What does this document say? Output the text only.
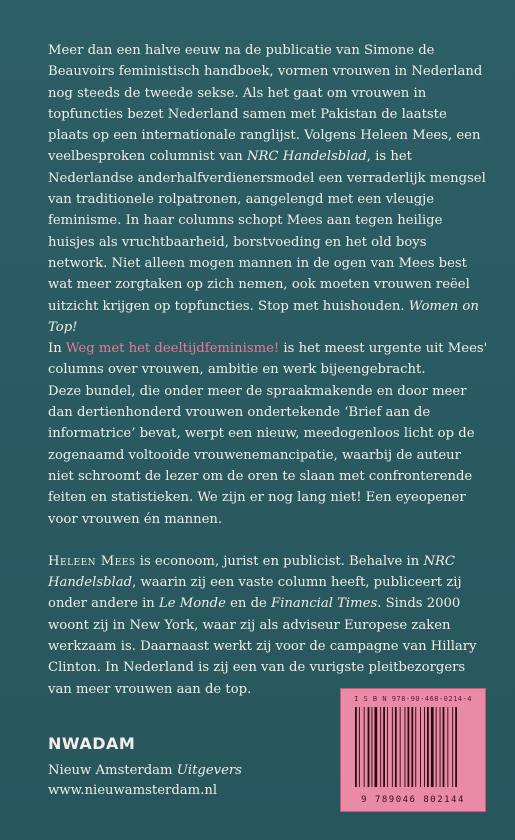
Meer dan een halve eeuw na de publicatie van Simone de Beauvoirs feministisch handboek, vormen vrouwen in Nederland nog steeds de tweede sekse. Als het gaat om vrouwen in topfuncties bezet Nederland samen met Pakistan de laatste plaats op een internationale ranglijst. Volgens Heleen Mees, een veelbesproken columnist van NRC Handelsblad, is het Nederlandse anderhalfverdienersmodel een verraderlijk mengsel van traditionele rolpatronen, aangelengd met een vleugje feminisme. In haar columns schopt Mees aan tegen heilige huisjes als vruchtbaarheid, borstvoeding en het old boys network. Niet alleen mogen mannen in de ogen van Mees best wat meer zorgtaken op zich nemen, ook moeten vrouwen reëel uitzicht krijgen op topfuncties. Stop met huishouden. Women on Top!

In Weg met het deeltijdfeminisme! is het meest urgente uit Mees' columns over vrouwen, ambitie en werk bijeengebracht.

Deze bundel, die onder meer de spraakmakende en door meer dan dertienhonderd vrouwen ondertekende ‘Brief aan de informatrice’ bevat, werpt een nieuw, meedogenloos licht op de zogenaamd voltooide vrouwenemancipatie, waarbij de auteur niet schroomt de lezer om de oren te slaan met confronterende feiten en statistieken. We zijn er nog lang niet! Een eyeopener voor vrouwen én mannen.

Heleen Mees is econoom, jurist en publicist. Behalve in NRC Handelsblad, waarin zij een vaste column heeft, publiceert zij onder andere in Le Monde en de Financial Times. Sinds 2000 woont zij in New York, waar zij als adviseur Europese zaken werkzaam is. Daarnaast werkt zij voor de campagne van Hillary Clinton. In Nederland is zij een van de vurigste pleitbezorgers van meer vrouwen aan de top.

NWADAM
Nieuw Amsterdam Uitgevers
www.nieuwamsterdam.nl
I S B N 978-90-468-0214-4
9 789046 802144
